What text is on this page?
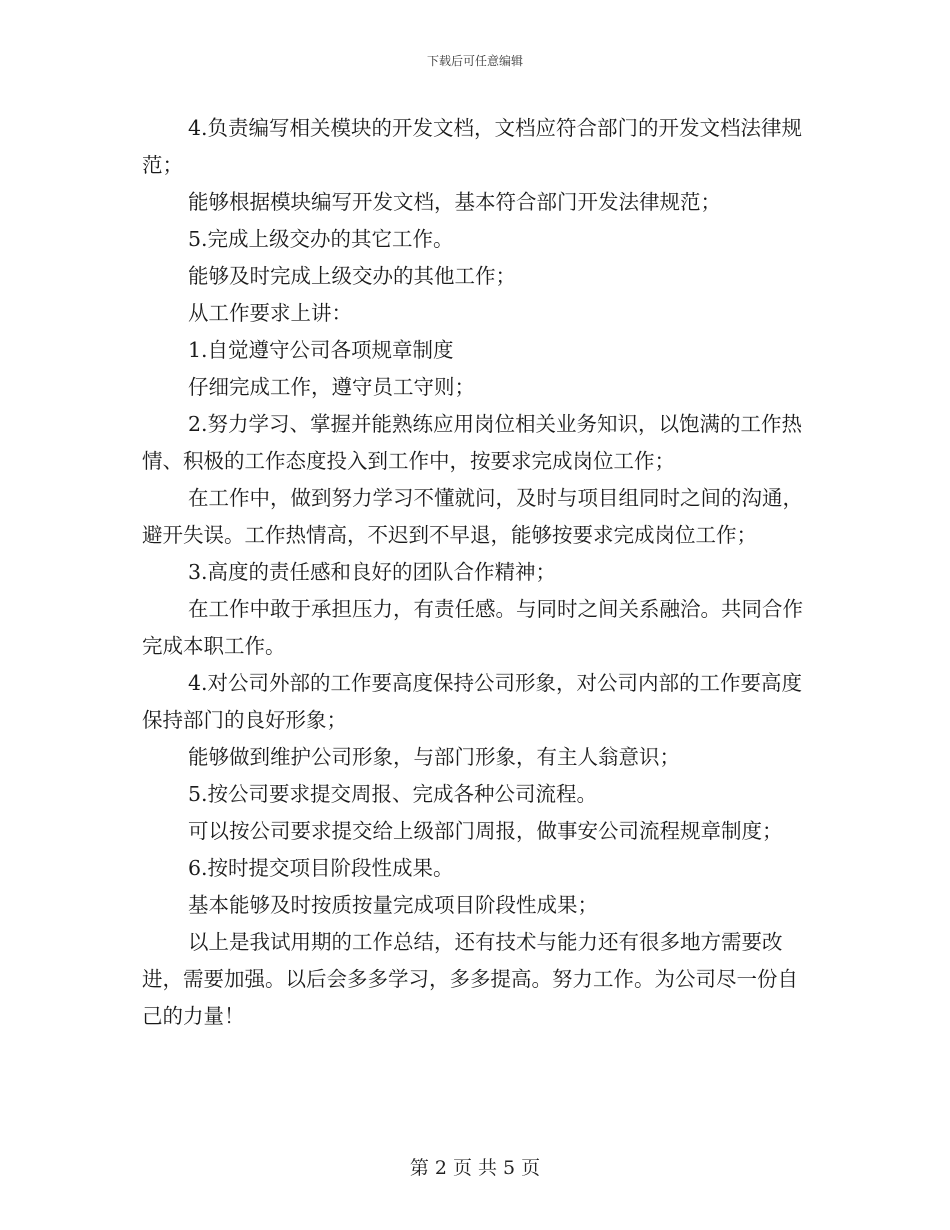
下载后可任意编辑

4.负责编写相关模块的开发文档，文档应符合部门的开发文档法律规范；

能够根据模块编写开发文档，基本符合部门开发法律规范；

5.完成上级交办的其它工作。

能够及时完成上级交办的其他工作；

从工作要求上讲：

1.自觉遵守公司各项规章制度

仔细完成工作，遵守员工守则；

2.努力学习、掌握并能熟练应用岗位相关业务知识，以饱满的工作热情、积极的工作态度投入到工作中，按要求完成岗位工作；

在工作中，做到努力学习不懂就问，及时与项目组同时之间的沟通，避开失误。工作热情高，不迟到不早退，能够按要求完成岗位工作；

3.高度的责任感和良好的团队合作精神；

在工作中敢于承担压力，有责任感。与同时之间关系融洽。共同合作完成本职工作。

4.对公司外部的工作要高度保持公司形象，对公司内部的工作要高度保持部门的良好形象；

能够做到维护公司形象，与部门形象，有主人翁意识；

5.按公司要求提交周报、完成各种公司流程。

可以按公司要求提交给上级部门周报，做事安公司流程规章制度；

6.按时提交项目阶段性成果。

基本能够及时按质按量完成项目阶段性成果；

以上是我试用期的工作总结，还有技术与能力还有很多地方需要改进，需要加强。以后会多多学习，多多提高。努力工作。为公司尽一份自己的力量！

第 2 页 共 5 页
